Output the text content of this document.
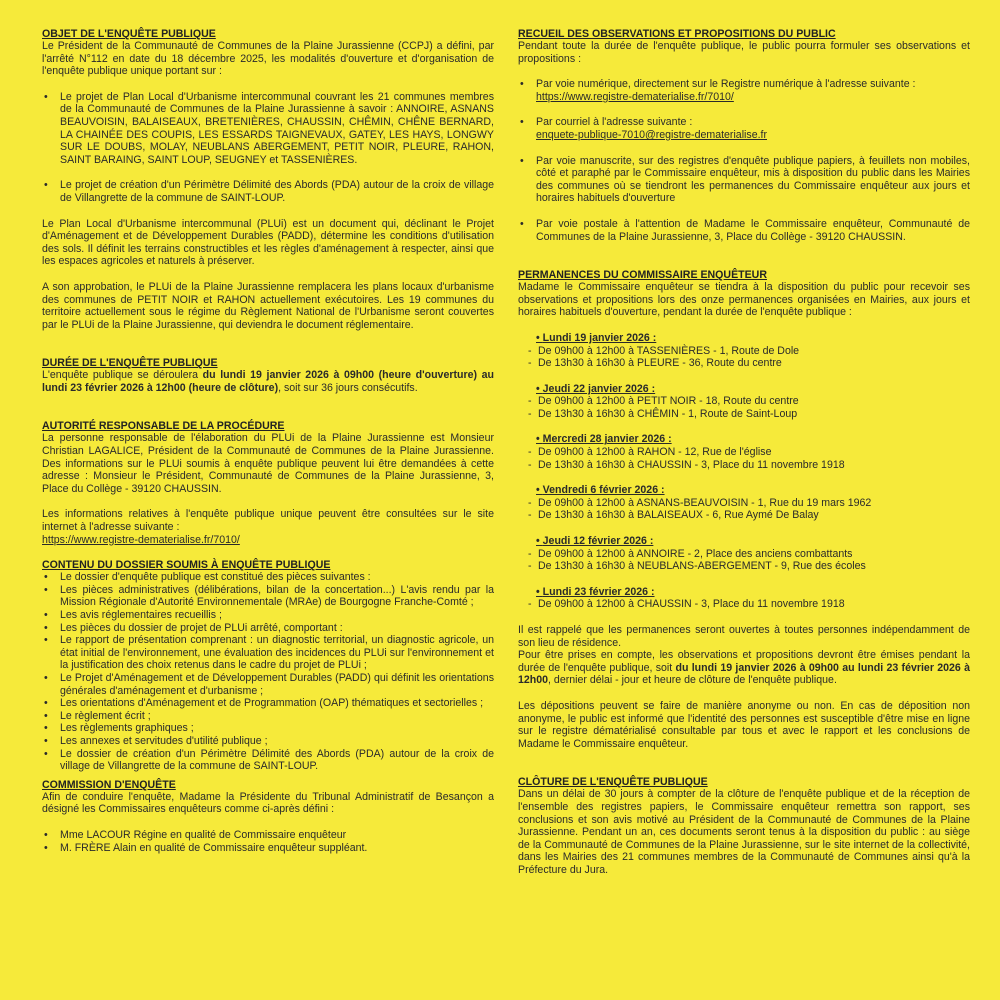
OBJET DE L'ENQUÊTE PUBLIQUE

Le Président de la Communauté de Communes de la Plaine Jurassienne (CCPJ) a défini, par l'arrêté N°112 en date du 18 décembre 2025, les modalités d'ouverture et d'organisation de l'enquête publique unique portant sur :

• Le projet de Plan Local d'Urbanisme intercommunal couvrant les 21 communes membres de la Communauté de Communes de la Plaine Jurassienne à savoir : ANNOIRE, ASNANS BEAUVOISIN, BALAISEAUX, BRETENIÈRES, CHAUSSIN, CHÊMIN, CHÊNE BERNARD, LA CHAINÉE DES COUPIS, LES ESSARDS TAIGNEVAUX, GATEY, LES HAYS, LONGWY SUR LE DOUBS, MOLAY, NEUBLANS ABERGEMENT, PETIT NOIR, PLEURE, RAHON, SAINT BARAING, SAINT LOUP, SEUGNEY et TASSENIÈRES.
• Le projet de création d'un Périmètre Délimité des Abords (PDA) autour de la croix de village de Villangrette de la commune de SAINT-LOUP.

Le Plan Local d'Urbanisme intercommunal (PLUi) est un document qui, déclinant le Projet d'Aménagement et de Développement Durables (PADD), détermine les conditions d'utilisation des sols. Il définit les terrains constructibles et les règles d'aménagement à respecter, ainsi que les espaces agricoles et naturels à préserver.

A son approbation, le PLUi de la Plaine Jurassienne remplacera les plans locaux d'urbanisme des communes de PETIT NOIR et RAHON actuellement exécutoires. Les 19 communes du territoire actuellement sous le régime du Règlement National de l'Urbanisme seront couvertes par le PLUi de la Plaine Jurassienne, qui deviendra le document réglementaire.

DURÉE DE L'ENQUÊTE PUBLIQUE

L'enquête publique se déroulera du lundi 19 janvier 2026 à 09h00 (heure d'ouverture) au lundi 23 février 2026 à 12h00 (heure de clôture), soit sur 36 jours consécutifs.

AUTORITÉ RESPONSABLE DE LA PROCÉDURE

La personne responsable de l'élaboration du PLUi de la Plaine Jurassienne est Monsieur Christian LAGALICE, Président de la Communauté de Communes de la Plaine Jurassienne. Des informations sur le PLUi soumis à enquête publique peuvent lui être demandées à cette adresse : Monsieur le Président, Communauté de Communes de la Plaine Jurassienne, 3, Place du Collège - 39120 CHAUSSIN.

Les informations relatives à l'enquête publique unique peuvent être consultées sur le site internet à l'adresse suivante :

https://www.registre-dematerialise.fr/7010/

CONTENU DU DOSSIER SOUMIS À ENQUÊTE PUBLIQUE
• Le dossier d'enquête publique est constitué des pièces suivantes :
• Les pièces administratives (délibérations, bilan de la concertation...) L'avis rendu par la Mission Régionale d'Autorité Environnementale (MRAe) de Bourgogne Franche-Comté ;
• Les avis réglementaires recueillis ;
• Les pièces du dossier de projet de PLUi arrêté, comportant :
• Le rapport de présentation comprenant : un diagnostic territorial, un diagnostic agricole, un état initial de l'environnement, une évaluation des incidences du PLUi sur l'environnement et la justification des choix retenus dans le cadre du projet de PLUi ;
• Le Projet d'Aménagement et de Développement Durables (PADD) qui définit les orientations générales d'aménagement et d'urbanisme ;
• Les orientations d'Aménagement et de Programmation (OAP) thématiques et sectorielles ;
• Le règlement écrit ;
• Les règlements graphiques ;
• Les annexes et servitudes d'utilité publique ;
• Le dossier de création d'un Périmètre Délimité des Abords (PDA) autour de la croix de village de Villangrette de la commune de SAINT-LOUP.
COMMISSION D'ENQUÊTE

Afin de conduire l'enquête, Madame la Présidente du Tribunal Administratif de Besançon a désigné les Commissaires enquêteurs comme ci-après défini :

• Mme LACOUR Régine en qualité de Commissaire enquêteur
• M. FRÈRE Alain en qualité de Commissaire enquêteur suppléant.
RECUEIL DES OBSERVATIONS ET PROPOSITIONS DU PUBLIC

Pendant toute la durée de l'enquête publique, le public pourra formuler ses observations et propositions :

• Par voie numérique, directement sur le Registre numérique à l'adresse suivante :
https://www.registre-dematerialise.fr/7010/
• Par courriel à l'adresse suivante :
enquete-publique-7010@registre-dematerialise.fr
• Par voie manuscrite, sur des registres d'enquête publique papiers, à feuillets non mobiles, côté et paraphé par le Commissaire enquêteur, mis à disposition du public dans les Mairies des communes où se tiendront les permanences du Commissaire enquêteur aux jours et horaires habituels d'ouverture
• Par voie postale à l'attention de Madame le Commissaire enquêteur, Communauté de Communes de la Plaine Jurassienne, 3, Place du Collège - 39120 CHAUSSIN.
PERMANENCES DU COMMISSAIRE ENQUÊTEUR

Madame le Commissaire enquêteur se tiendra à la disposition du public pour recevoir ses observations et propositions lors des onze permanences organisées en Mairies, aux jours et horaires habituels d'ouverture, pendant la durée de l'enquête publique :

• Lundi 19 janvier 2026 :
- De 09h00 à 12h00 à TASSENIÈRES - 1, Route de Dole
- De 13h30 à 16h30 à PLEURE - 36, Route du centre
• Jeudi 22 janvier 2026 :
- De 09h00 à 12h00 à PETIT NOIR - 18, Route du centre
- De 13h30 à 16h30 à CHÊMIN - 1, Route de Saint-Loup
• Mercredi 28 janvier 2026 :
- De 09h00 à 12h00 à RAHON - 12, Rue de l'église
- De 13h30 à 16h30 à CHAUSSIN - 3, Place du 11 novembre 1918
• Vendredi 6 février 2026 :
- De 09h00 à 12h00 à ASNANS-BEAUVOISIN - 1, Rue du 19 mars 1962
- De 13h30 à 16h30 à BALAISEAUX - 6, Rue Aymé De Balay
• Jeudi 12 février 2026 :
- De 09h00 à 12h00 à ANNOIRE - 2, Place des anciens combattants
- De 13h30 à 16h30 à NEUBLANS-ABERGEMENT - 9, Rue des écoles
• Lundi 23 février 2026 :
- De 09h00 à 12h00 à CHAUSSIN - 3, Place du 11 novembre 1918

Il est rappelé que les permanences seront ouvertes à toutes personnes indépendamment de son lieu de résidence.

Pour être prises en compte, les observations et propositions devront être émises pendant la durée de l'enquête publique, soit du lundi 19 janvier 2026 à 09h00 au lundi 23 février 2026 à 12h00, dernier délai - jour et heure de clôture de l'enquête publique.

Les dépositions peuvent se faire de manière anonyme ou non. En cas de déposition non anonyme, le public est informé que l'identité des personnes est susceptible d'être mise en ligne sur le registre dématérialisé consultable par tous et avec le rapport et les conclusions de Madame le Commissaire enquêteur.

CLÔTURE DE L'ENQUÊTE PUBLIQUE

Dans un délai de 30 jours à compter de la clôture de l'enquête publique et de la réception de l'ensemble des registres papiers, le Commissaire enquêteur remettra son rapport, ses conclusions et son avis motivé au Président de la Communauté de Communes de la Plaine Jurassienne. Pendant un an, ces documents seront tenus à la disposition du public : au siège de la Communauté de Communes de la Plaine Jurassienne, sur le site internet de la collectivité, dans les Mairies des 21 communes membres de la Communauté de Communes ainsi qu'à la Préfecture du Jura.
